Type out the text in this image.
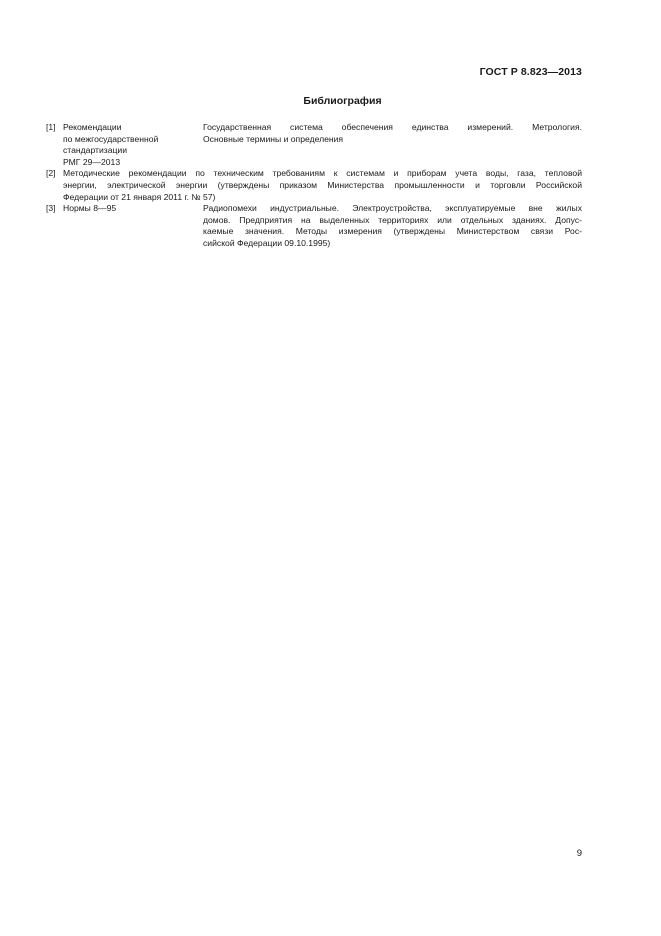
ГОСТ Р 8.823—2013
Библиография
[1] Рекомендации
по межгосударственной
стандартизации
РМГ 29—2013
Государственная система обеспечения единства измерений. Метрология.
Основные термины и определения
[2] Методические рекомендации по техническим требованиям к системам и приборам учета воды, газа, тепловой
энергии, электрической энергии (утверждены приказом Министерства промышленности и торговли Российской
Федерации от 21 января 2011 г. № 57)
[3] Нормы 8—95	Радиопомехи индустриальные. Электроустройства, эксплуатируемые вне жилых
домов. Предприятия на выделенных территориях или отдельных зданиях. Допус-
каемые значения. Методы измерения (утверждены Министерством связи Рос-
сийской Федерации 09.10.1995)
9
